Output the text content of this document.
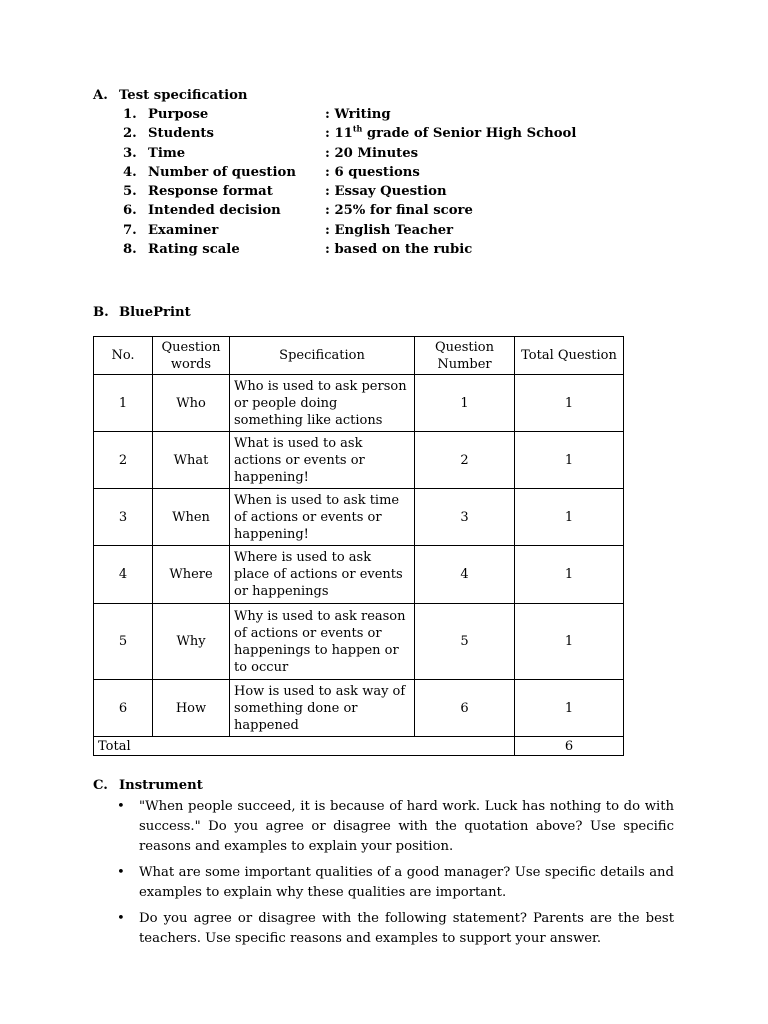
A. Test specification
1. Purpose	: Writing
2. Students	: 11th grade of Senior High School
3. Time	: 20 Minutes
4. Number of question : 6 questions
5. Response format	: Essay Question
6. Intended decision	: 25% for final score
7. Examiner	: English Teacher
8. Rating scale	: based on the rubic
B. BluePrint
No.	Question words	Specification	Question Number	Total Question
1	Who	Who is used to ask person or people doing something like actions	1	1
2	What	What is used to ask actions or events or happening!	2	1
3	When	When is used to ask time of actions or events or happening!	3	1
4	Where	Where is used to ask place of actions or events or happenings	4	1
5	Why	Why is used to ask reason of actions or events or happenings to happen or to occur	5	1
6	How	How is used to ask way of something done or happened	6	1
Total				6
C. Instrument
• "When people succeed, it is because of hard work. Luck has nothing to do with success." Do you agree or disagree with the quotation above? Use specific reasons and examples to explain your position.
• What are some important qualities of a good manager? Use specific details and examples to explain why these qualities are important.
• Do you agree or disagree with the following statement? Parents are the best teachers. Use specific reasons and examples to support your answer.
